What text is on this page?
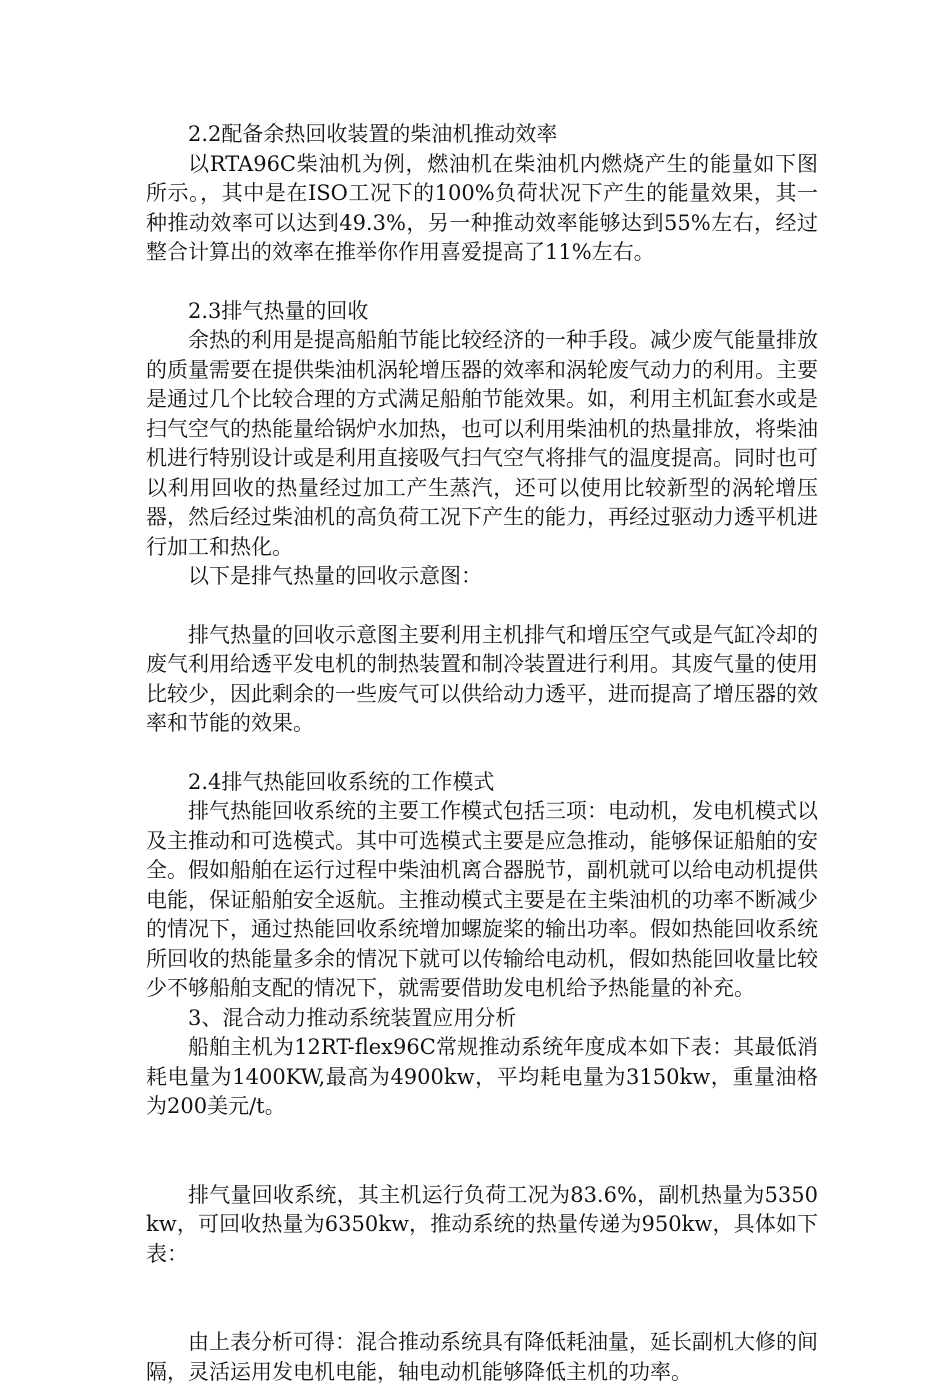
2.2配备余热回收装置的柴油机推动效率

以RTA96C柴油机为例，燃油机在柴油机内燃烧产生的能量如下图所示。，其中是在ISO工况下的100%负荷状况下产生的能量效果，其一种推动效率可以达到49.3%，另一种推动效率能够达到55%左右，经过整合计算出的效率在推举你作用喜爱提高了11%左右。

2.3排气热量的回收

余热的利用是提高船舶节能比较经济的一种手段。减少废气能量排放的质量需要在提供柴油机涡轮增压器的效率和涡轮废气动力的利用。主要是通过几个比较合理的方式满足船舶节能效果。如，利用主机缸套水或是扫气空气的热能量给锅炉水加热，也可以利用柴油机的热量排放，将柴油机进行特别设计或是利用直接吸气扫气空气将排气的温度提高。同时也可以利用回收的热量经过加工产生蒸汽，还可以使用比较新型的涡轮增压器，然后经过柴油机的高负荷工况下产生的能力，再经过驱动力透平机进行加工和热化。

以下是排气热量的回收示意图：

排气热量的回收示意图主要利用主机排气和增压空气或是气缸冷却的废气利用给透平发电机的制热装置和制冷装置进行利用。其废气量的使用比较少，因此剩余的一些废气可以供给动力透平，进而提高了增压器的效率和节能的效果。

2.4排气热能回收系统的工作模式

排气热能回收系统的主要工作模式包括三项：电动机，发电机模式以及主推动和可选模式。其中可选模式主要是应急推动，能够保证船舶的安全。假如船舶在运行过程中柴油机离合器脱节，副机就可以给电动机提供电能，保证船舶安全返航。主推动模式主要是在主柴油机的功率不断减少的情况下，通过热能回收系统增加螺旋桨的输出功率。假如热能回收系统所回收的热能量多余的情况下就可以传输给电动机，假如热能回收量比较少不够船舶支配的情况下，就需要借助发电机给予热能量的补充。

3、混合动力推动系统装置应用分析

船舶主机为12RT-flex96C常规推动系统年度成本如下表：其最低消耗电量为1400KW,最高为4900kw，平均耗电量为3150kw，重量油格为200美元/t。

排气量回收系统，其主机运行负荷工况为83.6%，副机热量为5350kw，可回收热量为6350kw，推动系统的热量传递为950kw，具体如下表：

由上表分析可得：混合推动系统具有降低耗油量，延长副机大修的间隔，灵活运用发电机电能，轴电动机能够降低主机的功率。
